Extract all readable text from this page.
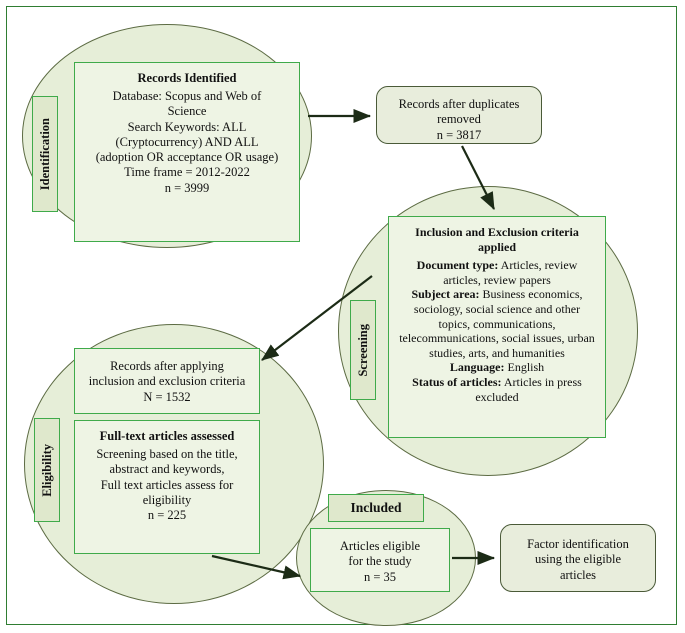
Identification
Records Identified
Database: Scopus and Web of
Science
Search Keywords: ALL
(Cryptocurrency) AND ALL
(adoption OR acceptance OR usage)
Time frame = 2012-2022
n = 3999
Records after duplicates
removed
n = 3817
Screening
Inclusion and Exclusion criteria applied
Document type: Articles, review articles, review papers
Subject area: Business economics, sociology, social science and other topics, communications, telecommunications, social issues, urban studies, arts, and humanities
Language: English
Status of articles: Articles in press excluded
Eligibility
Records after applying
inclusion and exclusion criteria
N = 1532
Full-text articles assessed
Screening based on the title,
abstract and keywords,
Full text articles assess for
eligibility
n = 225	Included
Articles eligible
for the study
n = 35
Factor identification
using the eligible
articles
